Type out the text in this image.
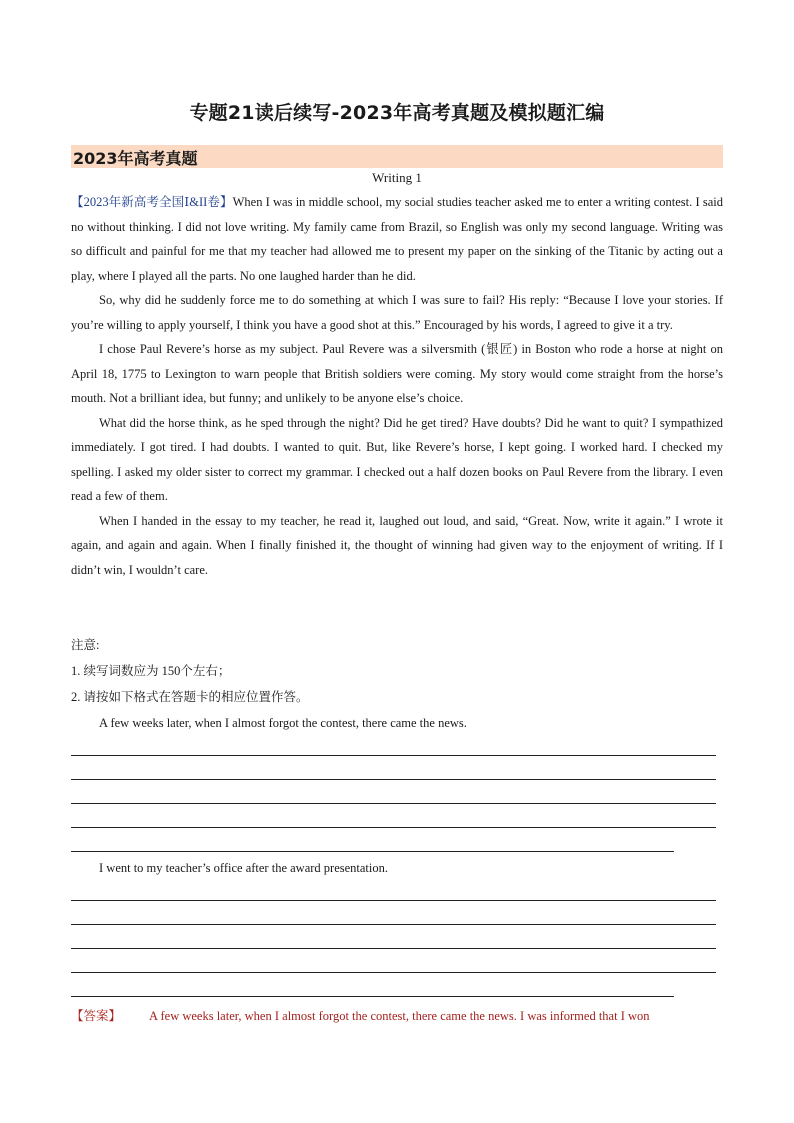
专题21读后续写-2023年高考真题及模拟题汇编
2023年高考真题
Writing 1

【2023年新高考全国Ⅰ&II卷】When I was in middle school, my social studies teacher asked me to enter a writing contest. I said no without thinking. I did not love writing. My family came from Brazil, so English was only my second language. Writing was so difficult and painful for me that my teacher had allowed me to present my paper on the sinking of the Titanic by acting out a play, where I played all the parts. No one laughed harder than he did.

So, why did he suddenly force me to do something at which I was sure to fail? His reply: “Because I love your stories. If you’re willing to apply yourself, I think you have a good shot at this.” Encouraged by his words, I agreed to give it a try.

I chose Paul Revere’s horse as my subject. Paul Revere was a silversmith (银匠) in Boston who rode a horse at night on April 18, 1775 to Lexington to warn people that British soldiers were coming. My story would come straight from the horse’s mouth. Not a brilliant idea, but funny; and unlikely to be anyone else’s choice.

What did the horse think, as he sped through the night? Did he get tired? Have doubts? Did he want to quit? I sympathized immediately. I got tired. I had doubts. I wanted to quit. But, like Revere’s horse, I kept going. I worked hard. I checked my spelling. I asked my older sister to correct my grammar. I checked out a half dozen books on Paul Revere from the library. I even read a few of them.

When I handed in the essay to my teacher, he read it, laughed out loud, and said, “Great. Now, write it again.” I wrote it again, and again and again. When I finally finished it, the thought of winning had given way to the enjoyment of writing. If I didn’t win, I wouldn’t care.

注意:
1. 续写词数应为 150个左右；
2. 请按如下格式在答题卡的相应位置作答。
A few weeks later, when I almost forgot the contest, there came the news.
I went to my teacher’s office after the award presentation.
【答案】 A few weeks later, when I almost forgot the contest, there came the news. I was informed that I won
